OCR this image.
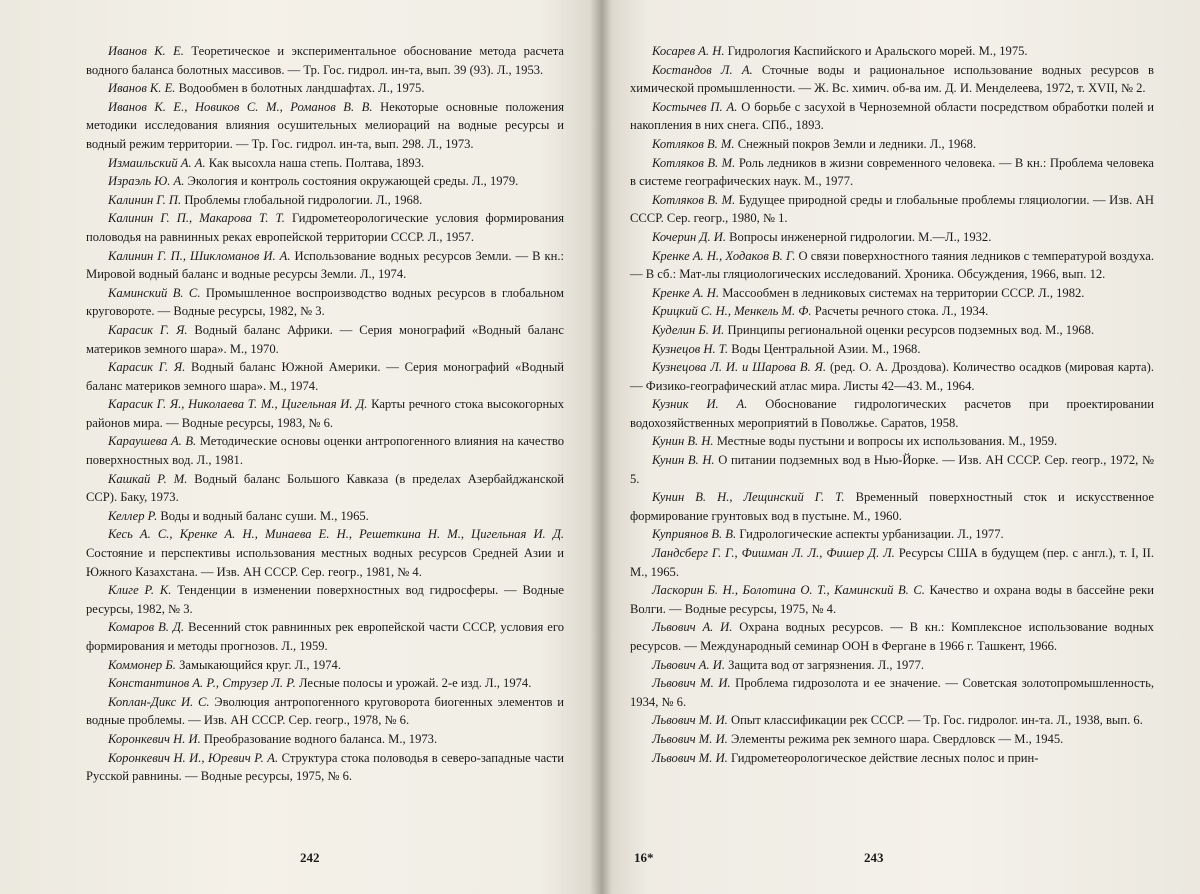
Иванов К. Е. Теоретическое и экспериментальное обоснование метода расчета водного баланса болотных массивов. — Тр. Гос. гидрол. ин-та, вып. 39 (93). Л., 1953.

Иванов К. Е. Водообмен в болотных ландшафтах. Л., 1975.

Иванов К. Е., Новиков С. М., Романов В. В. Некоторые основные положения методики исследования влияния осушительных мелиораций на водные ресурсы и водный режим территории. — Тр. Гос. гидрол. ин-та, вып. 298. Л., 1973.

Измаильский А. А. Как высохла наша степь. Полтава, 1893.

Израэль Ю. А. Экология и контроль состояния окружающей среды. Л., 1979.

Калинин Г. П. Проблемы глобальной гидрологии. Л., 1968.

Калинин Г. П., Макарова Т. Т. Гидрометеорологические условия формирования половодья на равнинных реках европейской территории СССР. Л., 1957.

Калинин Г. П., Шикломанов И. А. Использование водных ресурсов Земли. — В кн.: Мировой водный баланс и водные ресурсы Земли. Л., 1974.

Каминский В. С. Промышленное воспроизводство водных ресурсов в глобальном круговороте. — Водные ресурсы, 1982, № 3.

Карасик Г. Я. Водный баланс Африки. — Серия монографий «Водный баланс материков земного шара». М., 1970.

Карасик Г. Я. Водный баланс Южной Америки. — Серия монографий «Водный баланс материков земного шара». М., 1974.

Карасик Г. Я., Николаева Т. М., Цигельная И. Д. Карты речного стока высокогорных районов мира. — Водные ресурсы, 1983, № 6.

Караушева А. В. Методические основы оценки антропогенного влияния на качество поверхностных вод. Л., 1981.

Кашкай Р. М. Водный баланс Большого Кавказа (в пределах Азербайджанской ССР). Баку, 1973.

Келлер Р. Воды и водный баланс суши. М., 1965.

Кесь А. С., Кренке А. Н., Минаева Е. Н., Решеткина Н. М., Цигельная И. Д. Состояние и перспективы использования местных водных ресурсов Средней Азии и Южного Казахстана. — Изв. АН СССР. Сер. геогр., 1981, № 4.

Клиге Р. К. Тенденции в изменении поверхностных вод гидросферы. — Водные ресурсы, 1982, № 3.

Комаров В. Д. Весенний сток равнинных рек европейской части СССР, условия его формирования и методы прогнозов. Л., 1959.

Коммонер Б. Замыкающийся круг. Л., 1974.

Константинов А. Р., Струзер Л. Р. Лесные полосы и урожай. 2-е изд. Л., 1974.

Коплан-Дикс И. С. Эволюция антропогенного круговорота биогенных элементов и водные проблемы. — Изв. АН СССР. Сер. геогр., 1978, № 6.

Коронкевич Н. И. Преобразование водного баланса. М., 1973.

Коронкевич Н. И., Юревич Р. А. Структура стока половодья в северо-западные части Русской равнины. — Водные ресурсы, 1975, № 6.

242

Косарев А. Н. Гидрология Каспийского и Аральского морей. М., 1975.

Костандов Л. А. Сточные воды и рациональное использование водных ресурсов в химической промышленности. — Ж. Вс. химич. об-ва им. Д. И. Менделеева, 1972, т. XVII, № 2.

Костычев П. А. О борьбе с засухой в Черноземной области посредством обработки полей и накопления в них снега. СПб., 1893.

Котляков В. М. Снежный покров Земли и ледники. Л., 1968.

Котляков В. М. Роль ледников в жизни современного человека. — В кн.: Проблема человека в системе географических наук. М., 1977.

Котляков В. М. Будущее природной среды и глобальные проблемы гляциологии. — Изв. АН СССР. Сер. геогр., 1980, № 1.

Кочерин Д. И. Вопросы инженерной гидрологии. М.—Л., 1932.

Кренке А. Н., Ходаков В. Г. О связи поверхностного таяния ледников с температурой воздуха. — В сб.: Мат-лы гляциологических исследований. Хроника. Обсуждения, 1966, вып. 12.

Кренке А. Н. Массообмен в ледниковых системах на территории СССР. Л., 1982.

Крицкий С. Н., Менкель М. Ф. Расчеты речного стока. Л., 1934.

Куделин Б. И. Принципы региональной оценки ресурсов подземных вод. М., 1968.

Кузнецов Н. Т. Воды Центральной Азии. М., 1968.

Кузнецова Л. И. и Шарова В. Я. (ред. О. А. Дроздова). Количество осадков (мировая карта). — Физико-географический атлас мира. Листы 42—43. М., 1964.

Кузник И. А. Обоснование гидрологических расчетов при проектировании водохозяйственных мероприятий в Поволжье. Саратов, 1958.

Кунин В. Н. Местные воды пустыни и вопросы их использования. М., 1959.

Кунин В. Н. О питании подземных вод в Нью-Йорке. — Изв. АН СССР. Сер. геогр., 1972, № 5.

Кунин В. Н., Лещинский Г. Т. Временный поверхностный сток и искусственное формирование грунтовых вод в пустыне. М., 1960.

Куприянов В. В. Гидрологические аспекты урбанизации. Л., 1977.

Ландсберг Г. Г., Фишман Л. Л., Фишер Д. Л. Ресурсы США в будущем (пер. с англ.), т. I, II. М., 1965.

Ласкорин Б. Н., Болотина О. Т., Каминский В. С. Качество и охрана воды в бассейне реки Волги. — Водные ресурсы, 1975, № 4.

Львович А. И. Охрана водных ресурсов. — В кн.: Комплексное использование водных ресурсов. — Международный семинар ООН в Фергане в 1966 г. Ташкент, 1966.

Львович А. И. Защита вод от загрязнения. Л., 1977.

Львович М. И. Проблема гидрозолота и ее значение. — Советская золотопромышленность, 1934, № 6.

Львович М. И. Опыт классификации рек СССР. — Тр. Гос. гидролог. ин-та. Л., 1938, вып. 6.

Львович М. И. Элементы режима рек земного шара. Свердловск — М., 1945.

Львович М. И. Гидрометеорологическое действие лесных полос и прин-

16*	243
